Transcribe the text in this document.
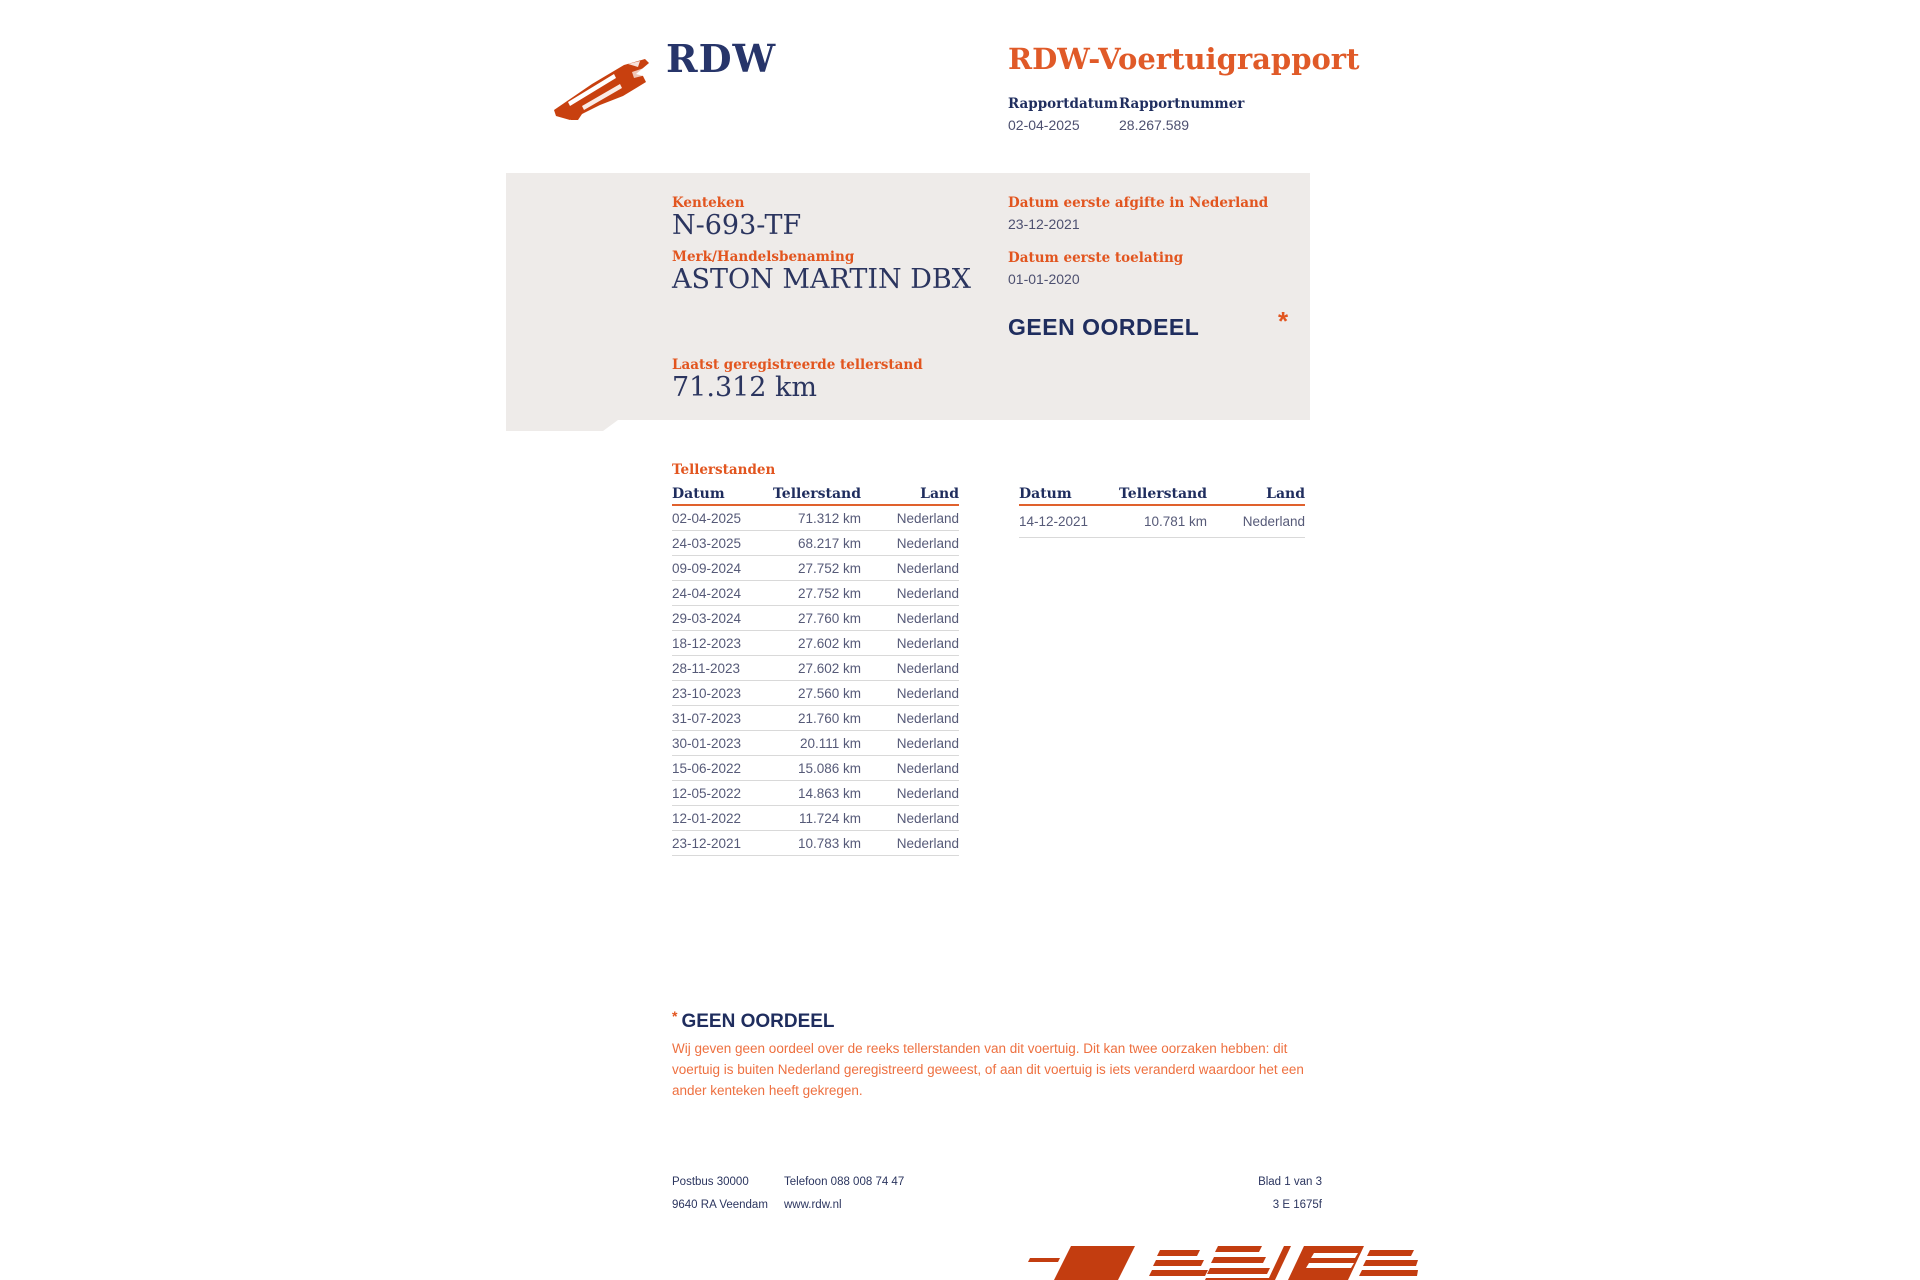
RDW	RDW-Voertuigrapport
Rapportdatum Rapportnummer
02-04-2025	28.267.589
Kenteken
N-693-TF
Merk/Handelsbenaming
ASTON MARTIN DBX
Datum eerste afgifte in Nederland
23-12-2021
Datum eerste toelating
01-01-2020
GEEN OORDEEL	*
Laatst geregistreerde tellerstand
71.312 km
Tellerstanden
Datum	Tellerstand	Land
02-04-2025	71.312 km	Nederland
24-03-2025	68.217 km	Nederland
09-09-2024	27.752 km	Nederland
24-04-2024	27.752 km	Nederland
29-03-2024	27.760 km	Nederland
18-12-2023	27.602 km	Nederland
28-11-2023	27.602 km	Nederland
23-10-2023	27.560 km	Nederland
31-07-2023	21.760 km	Nederland
30-01-2023	20.111 km	Nederland
15-06-2022	15.086 km	Nederland
12-05-2022	14.863 km	Nederland
12-01-2022	11.724 km	Nederland
23-12-2021	10.783 km	Nederland
Datum	Tellerstand	Land
14-12-2021	10.781 km	Nederland
* GEEN OORDEEL
Wij geven geen oordeel over de reeks tellerstanden van dit voertuig. Dit kan twee oorzaken hebben: dit voertuig is buiten Nederland geregistreerd geweest, of aan dit voertuig is iets veranderd waardoor het een ander kenteken heeft gekregen.
Postbus 30000
9640 RA Veendam
Telefoon 088 008 74 47
www.rdw.nl
Blad 1 van 3
3 E 1675f
